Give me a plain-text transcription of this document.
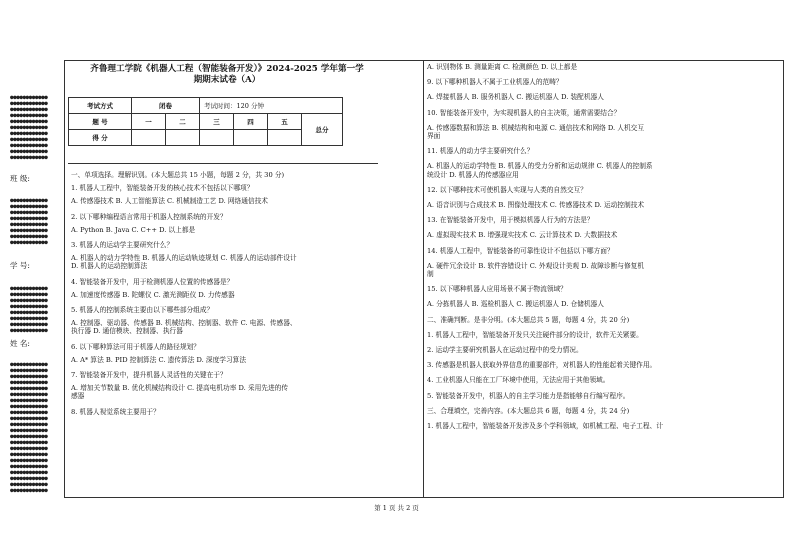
●●●●●●●●●●●●
●●●●●●●●●●●●
●●●●●●●●●●●●
●●●●●●●●●●●●
●●●●●●●●●●●●
●●●●●●●●●●●●
●●●●●●●●●●●●
●●●●●●●●●●●●
●●●●●●●●●●●●
●●●●●●●●●●●●
●●●●●●●●●●●●
班 级:
●●●●●●●●●●●●
●●●●●●●●●●●●
●●●●●●●●●●●●
●●●●●●●●●●●●
●●●●●●●●●●●●
●●●●●●●●●●●●
●●●●●●●●●●●●
●●●●●●●●●●●●
学 号:
●●●●●●●●●●●●
●●●●●●●●●●●●
●●●●●●●●●●●●
●●●●●●●●●●●●
●●●●●●●●●●●●
●●●●●●●●●●●●
●●●●●●●●●●●●
●●●●●●●●●●●●
姓 名:
●●●●●●●●●●●●
●●●●●●●●●●●●
●●●●●●●●●●●●
●●●●●●●●●●●●
●●●●●●●●●●●●
●●●●●●●●●●●●
●●●●●●●●●●●●
●●●●●●●●●●●●
●●●●●●●●●●●●
●●●●●●●●●●●●
●●●●●●●●●●●●
●●●●●●●●●●●●
●●●●●●●●●●●●
●●●●●●●●●●●●
●●●●●●●●●●●●
●●●●●●●●●●●●
●●●●●●●●●●●●
●●●●●●●●●●●●
●●●●●●●●●●●●
●●●●●●●●●●●●
●●●●●●●●●●●●
●●●●●●●●●●●●
齐鲁理工学院《机器人工程（智能装备开发）》2024-2025 学年第一学
期期末试卷（A）
考试方式	闭卷		考试时间：120 分钟			
题 号	一	二	三	四	五	总分
得 分						

一、单项选择。理解识别。(本大题总共 15 小题，每题 2 分，共 30 分)

1. 机器人工程中，智能装备开发的核心技术不包括以下哪项？

A. 传感器技术 B. 人工智能算法 C. 机械制造工艺 D. 网络通信技术

2. 以下哪种编程语言常用于机器人控制系统的开发？

A. Python B. Java C. C++ D. 以上都是

3. 机器人的运动学主要研究什么？

A. 机器人的动力学特性 B. 机器人的运动轨迹规划 C. 机器人的运动部件设计

D. 机器人的运动控制算法

4. 智能装备开发中，用于检测机器人位置的传感器是？

A. 加速度传感器 B. 陀螺仪 C. 激光测距仪 D. 力传感器

5. 机器人的控制系统主要由以下哪些部分组成？

A. 控制器、驱动器、传感器 B. 机械结构、控制器、软件 C. 电源、传感器、

执行器 D. 通信模块、控制器、执行器

6. 以下哪种算法可用于机器人的路径规划？

A. A* 算法 B. PID 控制算法 C. 遗传算法 D. 深度学习算法

7. 智能装备开发中，提升机器人灵活性的关键在于？

A. 增加关节数量 B. 优化机械结构设计 C. 提高电机功率 D. 采用先进的传

感器

8. 机器人视觉系统主要用于？

A. 识别物体 B. 测量距离 C. 检测颜色 D. 以上都是

9. 以下哪种机器人不属于工业机器人的范畴？

A. 焊接机器人 B. 服务机器人 C. 搬运机器人 D. 装配机器人

10. 智能装备开发中，为实现机器人的自主决策，通常需要结合？

A. 传感器数据和算法 B. 机械结构和电源 C. 通信技术和网络 D. 人机交互

界面

11. 机器人的动力学主要研究什么？

A. 机器人的运动学特性 B. 机器人的受力分析和运动规律 C. 机器人的控制系

统设计 D. 机器人的传感器应用

12. 以下哪种技术可使机器人实现与人类的自然交互？

A. 语音识别与合成技术 B. 图像处理技术 C. 传感器技术 D. 运动控制技术

13. 在智能装备开发中，用于模拟机器人行为的方法是？

A. 虚拟现实技术 B. 增强现实技术 C. 云计算技术 D. 大数据技术

14. 机器人工程中，智能装备的可靠性设计不包括以下哪方面？

A. 硬件冗余设计 B. 软件容错设计 C. 外观设计美观 D. 故障诊断与修复机

制

15. 以下哪种机器人应用场景不属于物流领域？

A. 分拣机器人 B. 巡检机器人 C. 搬运机器人 D. 仓储机器人

二、准确判断。是非分明。(本大题总共 5 题，每题 4 分，共 20 分)

1. 机器人工程中，智能装备开发只关注硬件部分的设计，软件无关紧要。

2. 运动学主要研究机器人在运动过程中的受力情况。

3. 传感器是机器人获取外界信息的重要部件，对机器人的性能起着关键作用。

4. 工业机器人只能在工厂环境中使用，无法应用于其他领域。

5. 智能装备开发中，机器人的自主学习能力是指能够自行编写程序。

三、合理填空，完善内容。(本大题总共 6 题，每题 4 分，共 24 分)

1. 机器人工程中，智能装备开发涉及多个学科领域，如机械工程、电子工程、计

第 1 页 共 2 页
